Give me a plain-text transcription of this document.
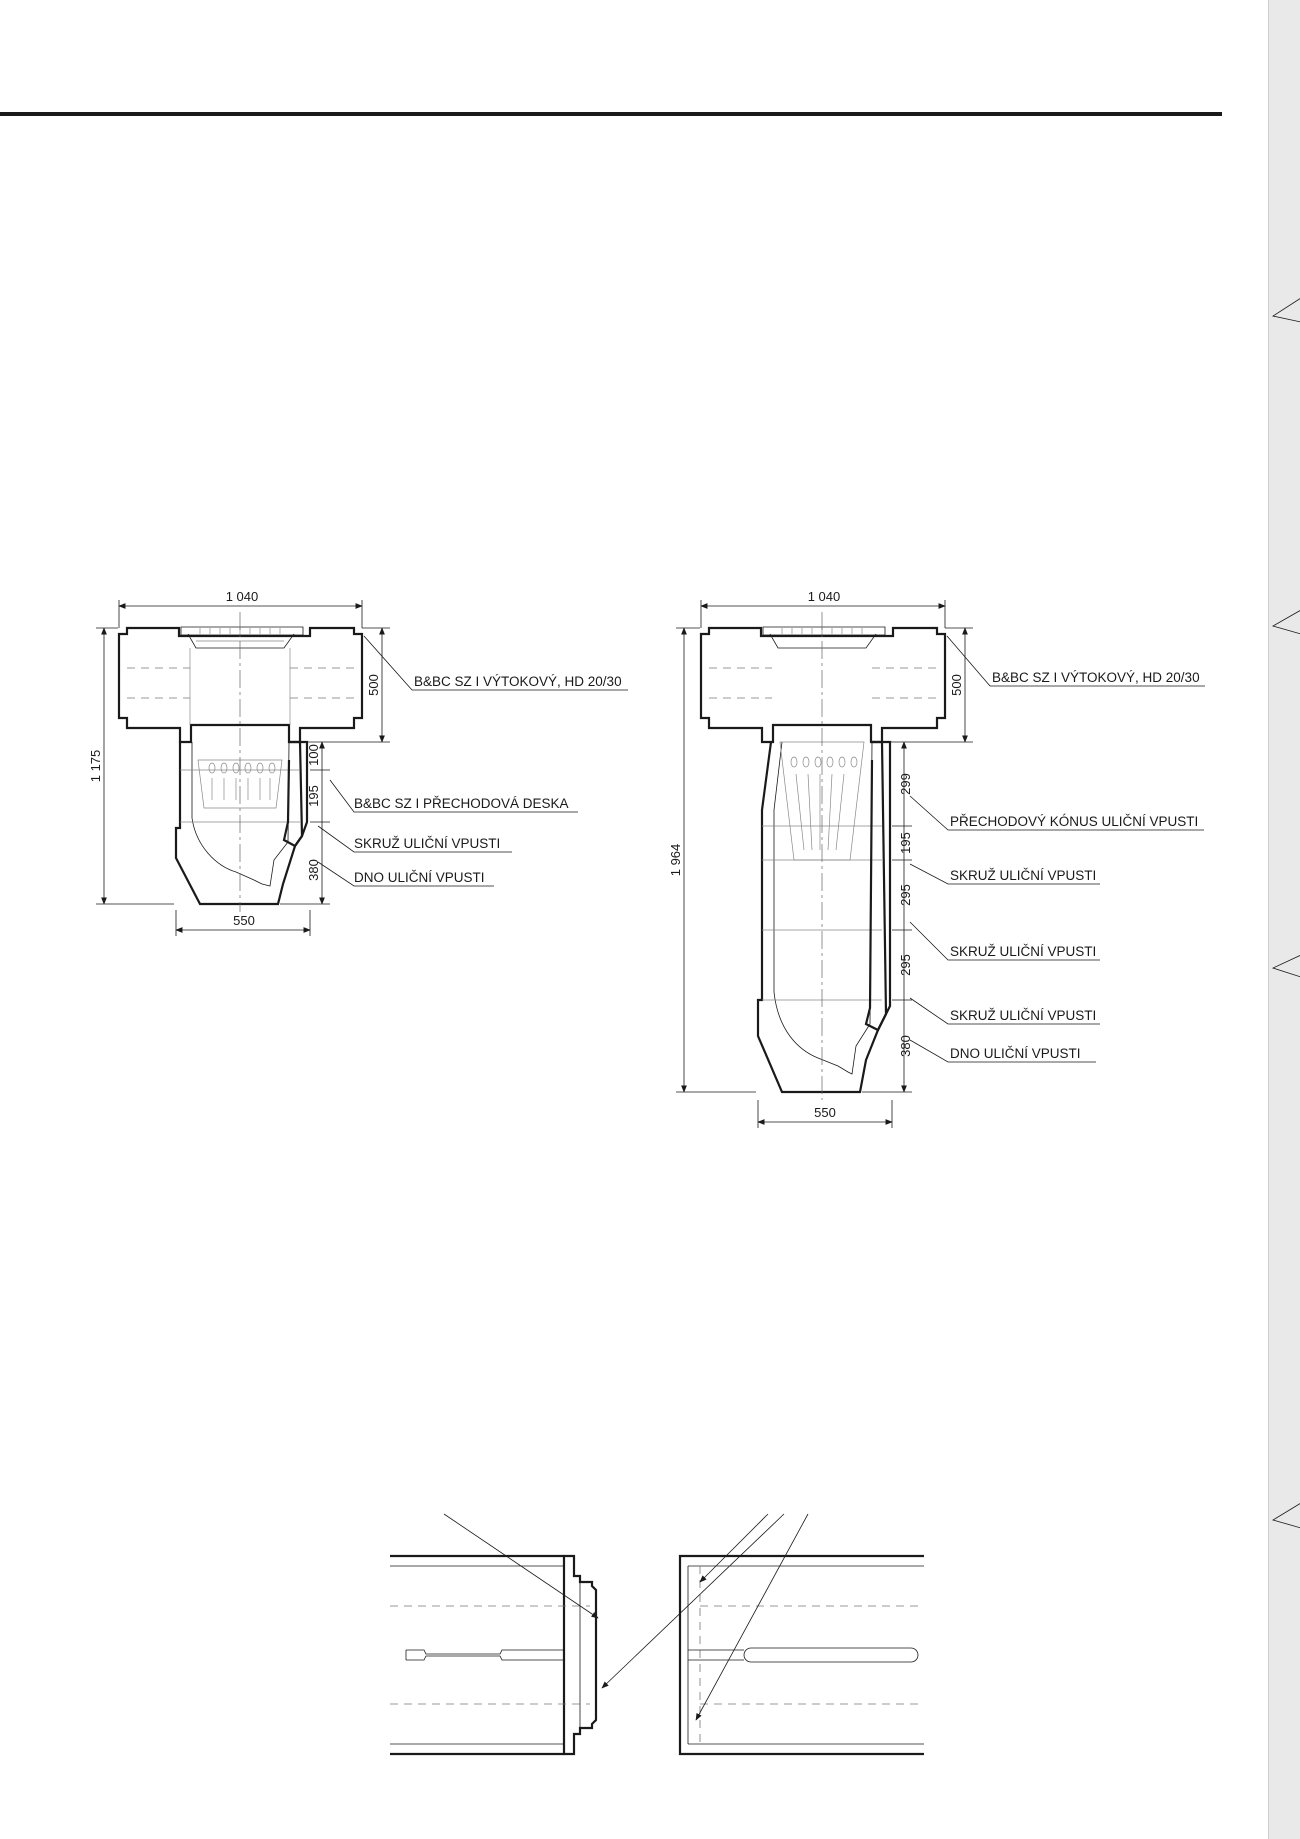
1 040
550
1 175
500
100
195
380
B&BC SZ I VÝTOKOVÝ, HD 20/30
B&BC SZ I PŘECHODOVÁ DESKA
SKRUŽ ULIČNÍ VPUSTI
DNO ULIČNÍ VPUSTI
1 040
550
1 964
500
299
195
295
295
380
B&BC SZ I VÝTOKOVÝ, HD 20/30
PŘECHODOVÝ KÓNUS ULIČNÍ VPUSTI
SKRUŽ ULIČNÍ VPUSTI
SKRUŽ ULIČNÍ VPUSTI
SKRUŽ ULIČNÍ VPUSTI
DNO ULIČNÍ VPUSTI
